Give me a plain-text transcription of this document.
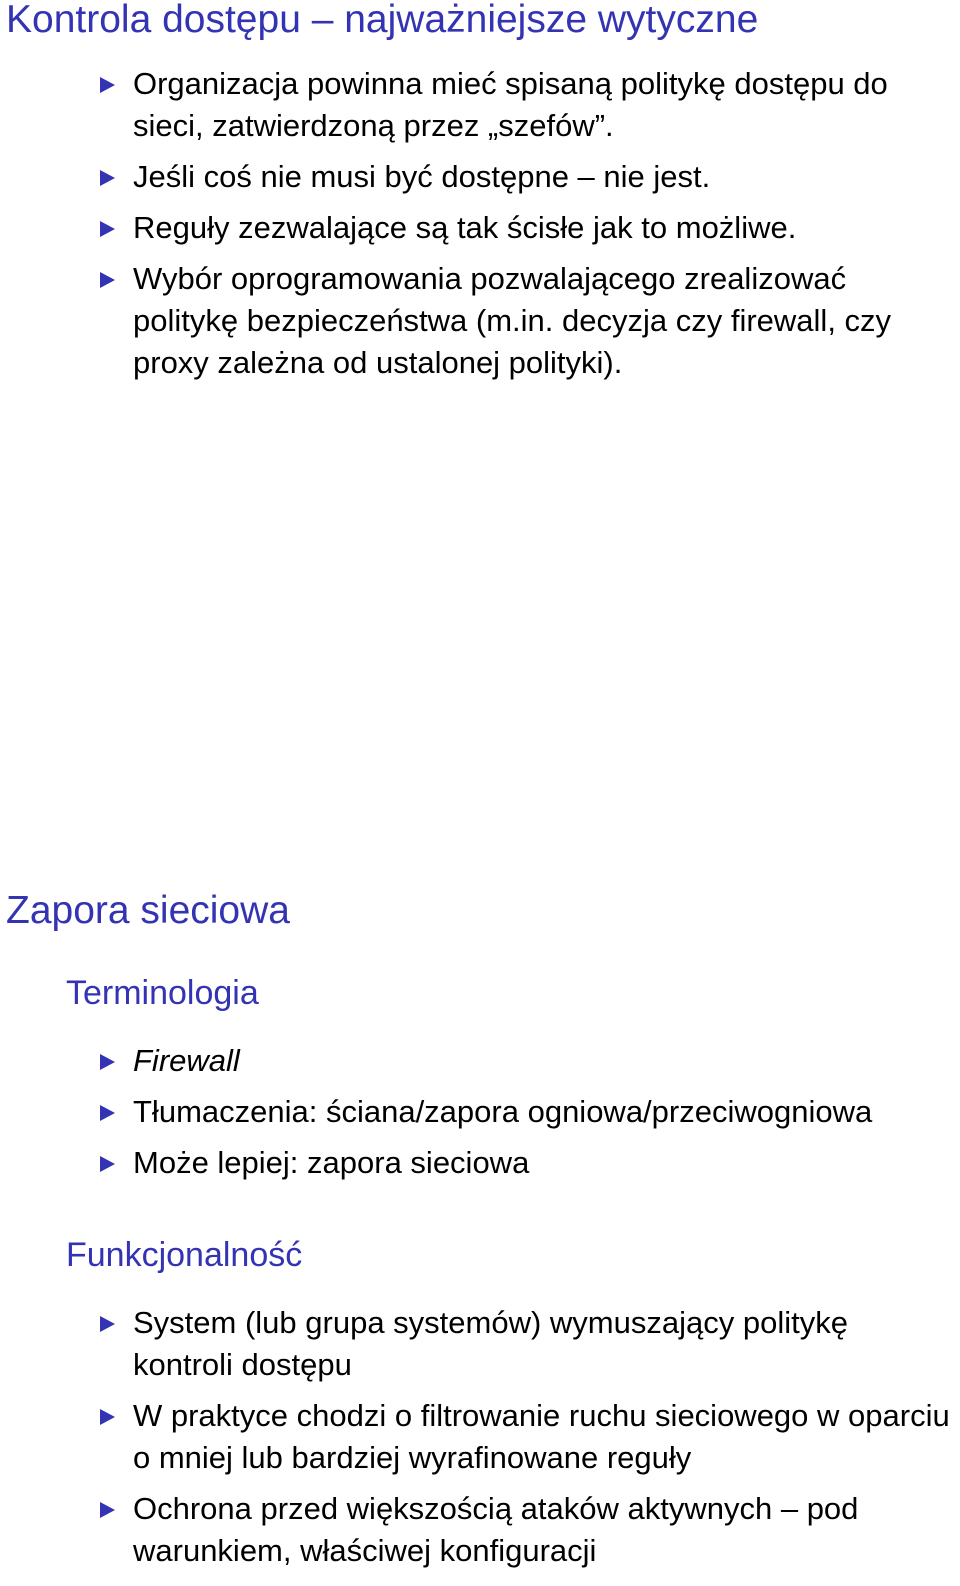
Kontrola dostępu – najważniejsze wytyczne
Organizacja powinna mieć spisaną politykę dostępu do sieci, zatwierdzoną przez „szefów”.
Jeśli coś nie musi być dostępne – nie jest.
Reguły zezwalające są tak ścisłe jak to możliwe.
Wybór oprogramowania pozwalającego zrealizować politykę bezpieczeństwa (m.in. decyzja czy firewall, czy proxy zależna od ustalonej polityki).
Zapora sieciowa
Terminologia
Firewall
Tłumaczenia: ściana/zapora ogniowa/przeciwogniowa
Może lepiej: zapora sieciowa
Funkcjonalność
System (lub grupa systemów) wymuszający politykę kontroli dostępu
W praktyce chodzi o filtrowanie ruchu sieciowego w oparciu o mniej lub bardziej wyrafinowane reguły
Ochrona przed większością ataków aktywnych – pod warunkiem, właściwej konfiguracji
